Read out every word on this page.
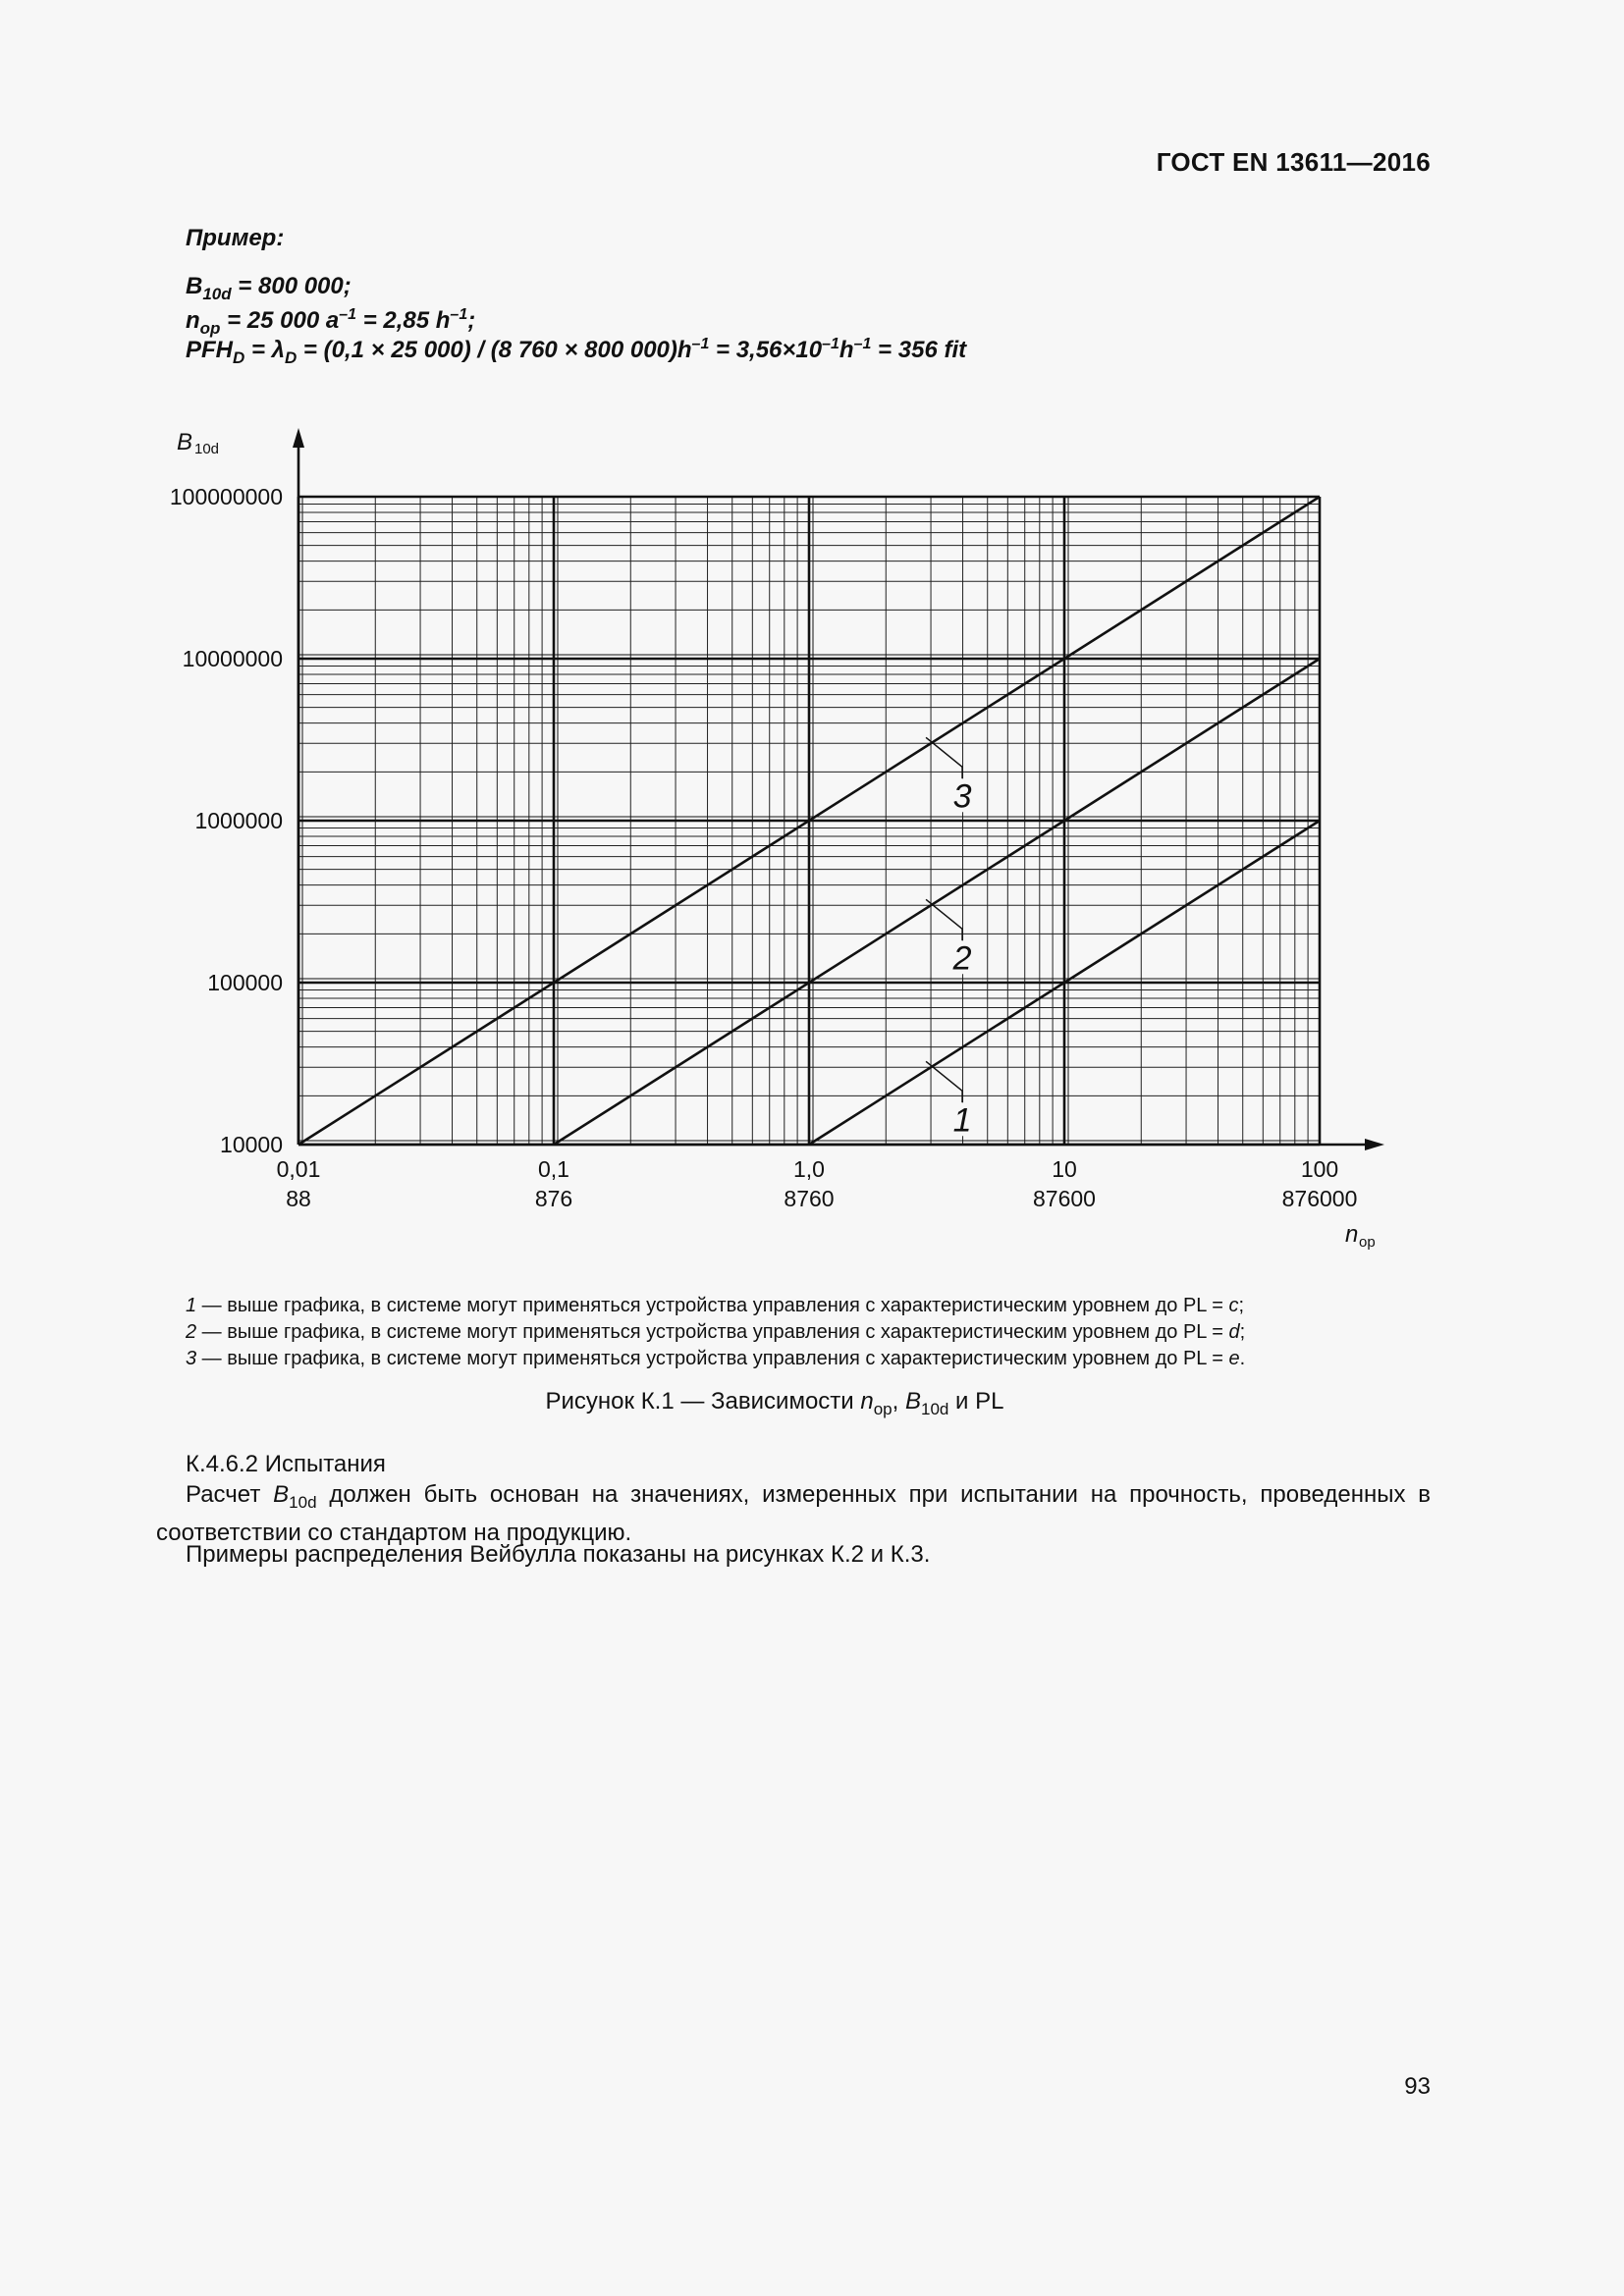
ГОСТ EN 13611—2016
Пример:
$B_{10d} = 800$ 000;
$n_{op} = 25$ 000 $a^{-1} = 2,85$ $h^{-1}$;
$PFH_D = \lambda_D = (0,1 \times 25$ 000) / (8 760 × 800 $000)h^{-1} = 3,56\times 10^{-1}h^{-1} = 356$ fit
1
2
3
100000000
10000000
1000000
100000
10000
0,01
88
0,1
876
1,0
8760
10
87600
100
876000
B 10d
n op
1 — выше графика, в системе могут применяться устройства управления с характеристическим уровнем до PL = c;
2 — выше графика, в системе могут применяться устройства управления с характеристическим уровнем до PL = d;
3 — выше графика, в системе могут применяться устройства управления с характеристическим уровнем до PL = e.
Рисунок К.1 — Зависимости $n_{ор}$, $B_{10d}$ и PL
К.4.6.2 Испытания
Расчет $B_{10d}$ должен быть основан на значениях, измеренных при испытании на прочность, проведенных в соответствии со стандартом на продукцию.
Примеры распределения Вейбулла показаны на рисунках К.2 и К.3.
93
